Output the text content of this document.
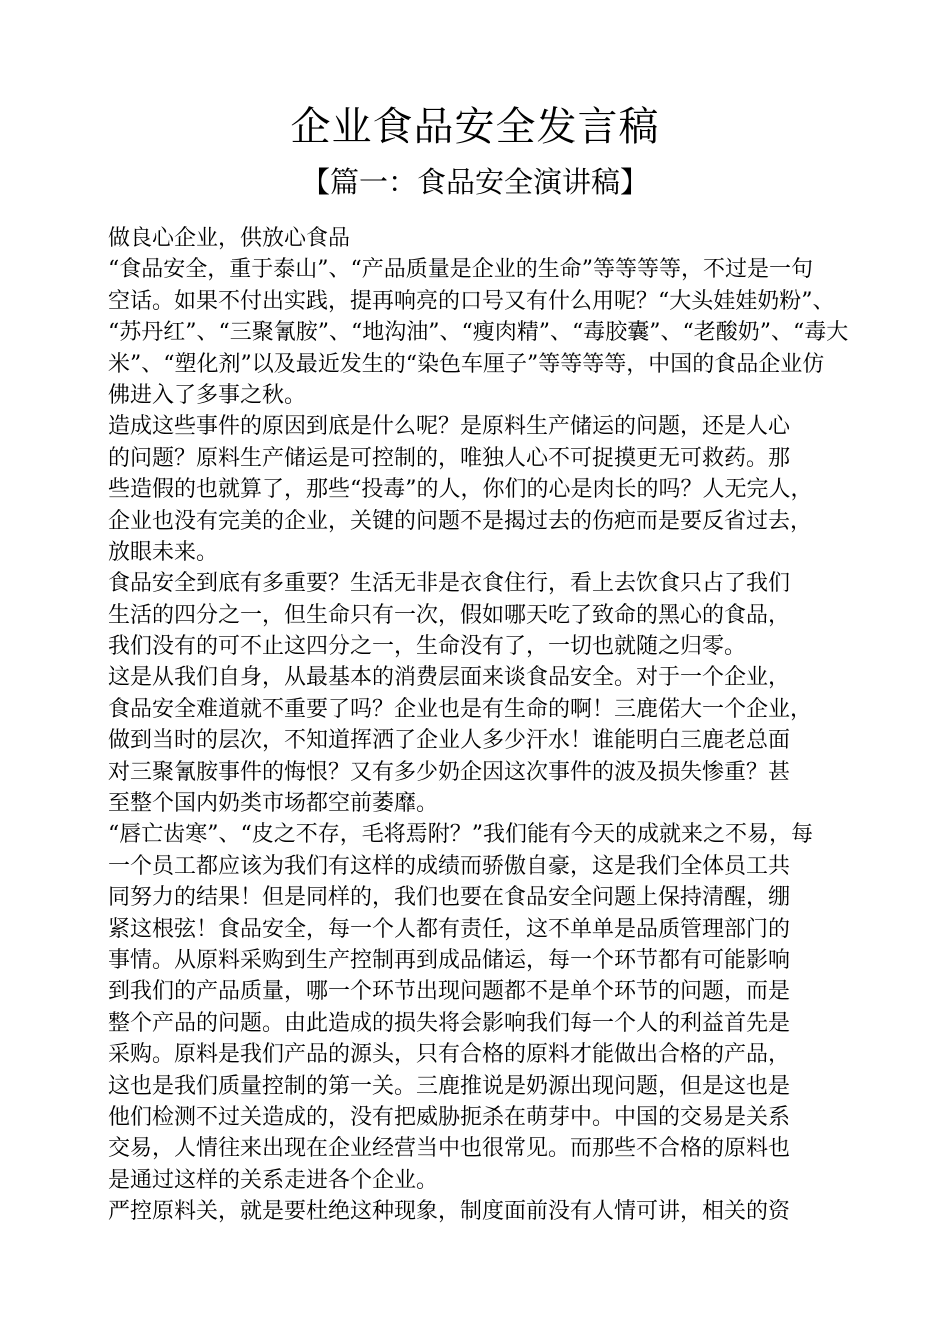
企业食品安全发言稿
【篇一：食品安全演讲稿】
做良心企业，供放心食品
“食品安全，重于泰山”、“产品质量是企业的生命”等等等等，不过是一句
空话。如果不付出实践，提再响亮的口号又有什么用呢？“大头娃娃奶粉”、
“苏丹红”、“三聚氰胺”、“地沟油”、“瘦肉精”、“毒胶囊”、“老酸奶”、“毒大
米”、“塑化剂”以及最近发生的“染色车厘子”等等等等，中国的食品企业仿
佛进入了多事之秋。
造成这些事件的原因到底是什么呢？是原料生产储运的问题，还是人心
的问题？原料生产储运是可控制的，唯独人心不可捉摸更无可救药。那
些造假的也就算了，那些“投毒”的人，你们的心是肉长的吗？人无完人，
企业也没有完美的企业，关键的问题不是揭过去的伤疤而是要反省过去，
放眼未来。
食品安全到底有多重要？生活无非是衣食住行，看上去饮食只占了我们
生活的四分之一，但生命只有一次，假如哪天吃了致命的黑心的食品，
我们没有的可不止这四分之一，生命没有了，一切也就随之归零。
这是从我们自身，从最基本的消费层面来谈食品安全。对于一个企业，
食品安全难道就不重要了吗？企业也是有生命的啊！三鹿偌大一个企业，
做到当时的层次，不知道挥洒了企业人多少汗水！谁能明白三鹿老总面
对三聚氰胺事件的悔恨？又有多少奶企因这次事件的波及损失惨重？甚
至整个国内奶类市场都空前萎靡。
“唇亡齿寒”、“皮之不存，毛将焉附？”我们能有今天的成就来之不易，每
一个员工都应该为我们有这样的成绩而骄傲自豪，这是我们全体员工共
同努力的结果！但是同样的，我们也要在食品安全问题上保持清醒，绷
紧这根弦！食品安全，每一个人都有责任，这不单单是品质管理部门的
事情。从原料采购到生产控制再到成品储运，每一个环节都有可能影响
到我们的产品质量，哪一个环节出现问题都不是单个环节的问题，而是
整个产品的问题。由此造成的损失将会影响我们每一个人的利益首先是
采购。原料是我们产品的源头，只有合格的原料才能做出合格的产品，
这也是我们质量控制的第一关。三鹿推说是奶源出现问题，但是这也是
他们检测不过关造成的，没有把威胁扼杀在萌芽中。中国的交易是关系
交易，人情往来出现在企业经营当中也很常见。而那些不合格的原料也
是通过这样的关系走进各个企业。
严控原料关，就是要杜绝这种现象，制度面前没有人情可讲，相关的资
